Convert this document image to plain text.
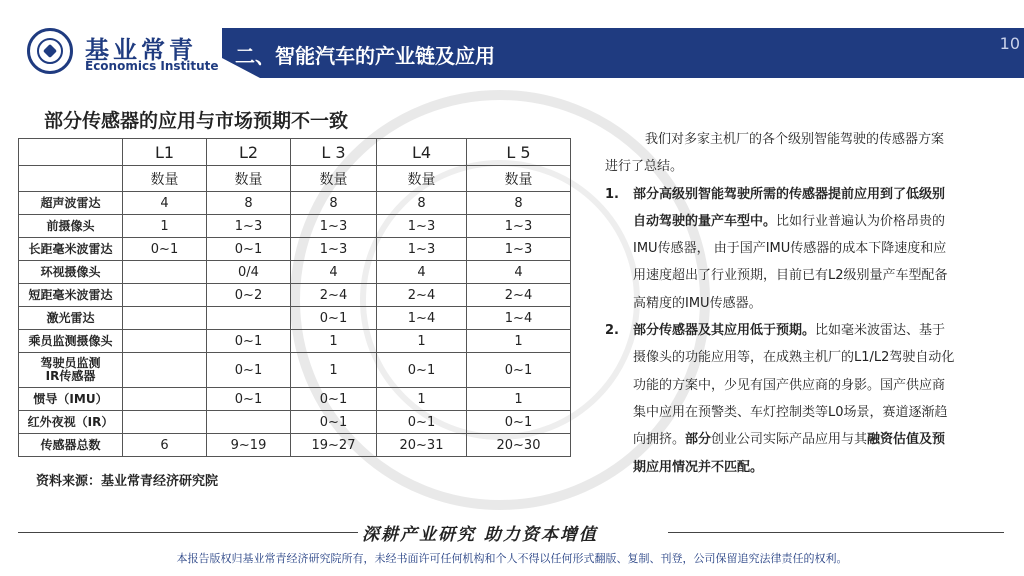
基业常青
Economics Institute 二、智能汽车的产业链及应用
10
部分传感器的应用与市场预期不一致
	L1	L2	L 3	L4	L 5
	数量	数量	数量	数量	数量
超声波雷达	4	8	8	8	8
前摄像头	1	1~3	1~3	1~3	1~3
长距毫米波雷达	0~1	0~1	1~3	1~3	1~3
环视摄像头		0/4	4	4	4
短距毫米波雷达		0~2	2~4	2~4	2~4
激光雷达			0~1	1~4	1~4
乘员监测摄像头		0~1	1	1	1
驾驶员监测
IR传感器		0~1	1	0~1	0~1
惯导（IMU）		0~1	0~1	1	1
红外夜视（IR）			0~1	0~1	0~1
传感器总数	6	9~19	19~27	20~31	20~30
资料来源：基业常青经济研究院

我们对多家主机厂的各个级别智能驾驶的传感器方案进行了总结。

1. 部分高级别智能驾驶所需的传感器提前应用到了低级别自动驾驶的量产车型中。比如行业普遍认为价格昂贵的IMU传感器， 由于国产IMU传感器的成本下降速度和应用速度超出了行业预期，目前已有L2级别量产车型配备高精度的IMU传感器。

2. 部分传感器及其应用低于预期。比如毫米波雷达、基于摄像头的功能应用等，在成熟主机厂的L1/L2驾驶自动化功能的方案中，少见有国产供应商的身影。国产供应商集中应用在预警类、车灯控制类等L0场景，赛道逐渐趋向拥挤。部分创业公司实际产品应用与其融资估值及预期应用情况并不匹配。

深耕产业研究 助力资本增值
本报告版权归基业常青经济研究院所有，未经书面许可任何机构和个人不得以任何形式翻版、复制、刊登，公司保留追究法律责任的权利。
